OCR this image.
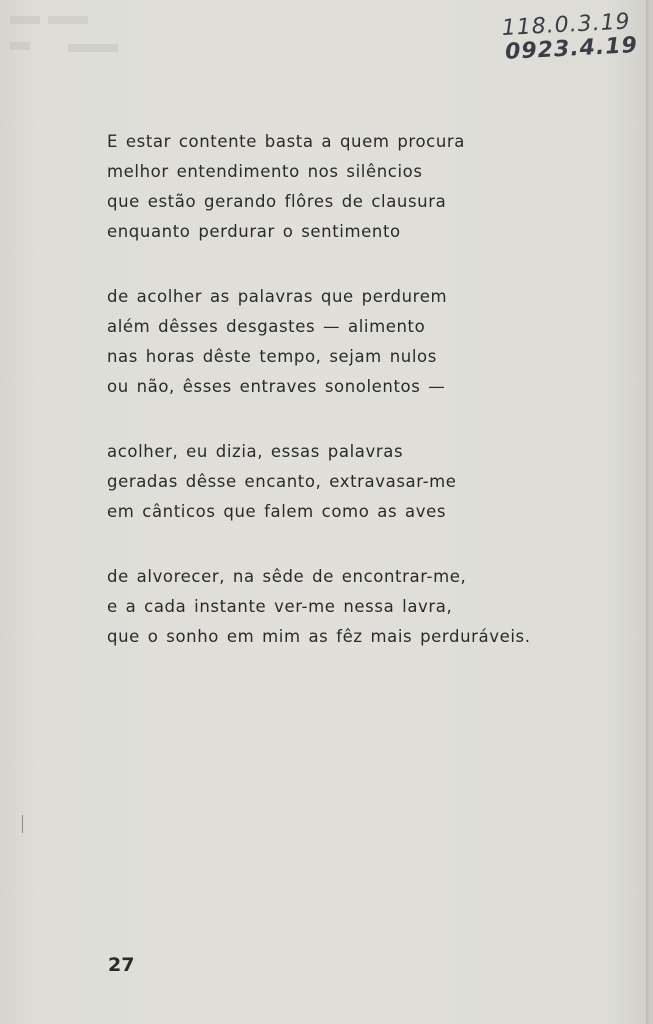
118.0.3.19
0923.4.19

E estar contente basta a quem procura
melhor entendimento nos silêncios
que estão gerando flôres de clausura
enquanto perdurar o sentimento

de acolher as palavras que perdurem
além dêsses desgastes — alimento
nas horas dêste tempo, sejam nulos
ou não, êsses entraves sonolentos —

acolher, eu dizia, essas palavras
geradas dêsse encanto, extravasar-me
em cânticos que falem como as aves

de alvorecer, na sêde de encontrar-me,
e a cada instante ver-me nessa lavra,
que o sonho em mim as fêz mais perduráveis.

27
